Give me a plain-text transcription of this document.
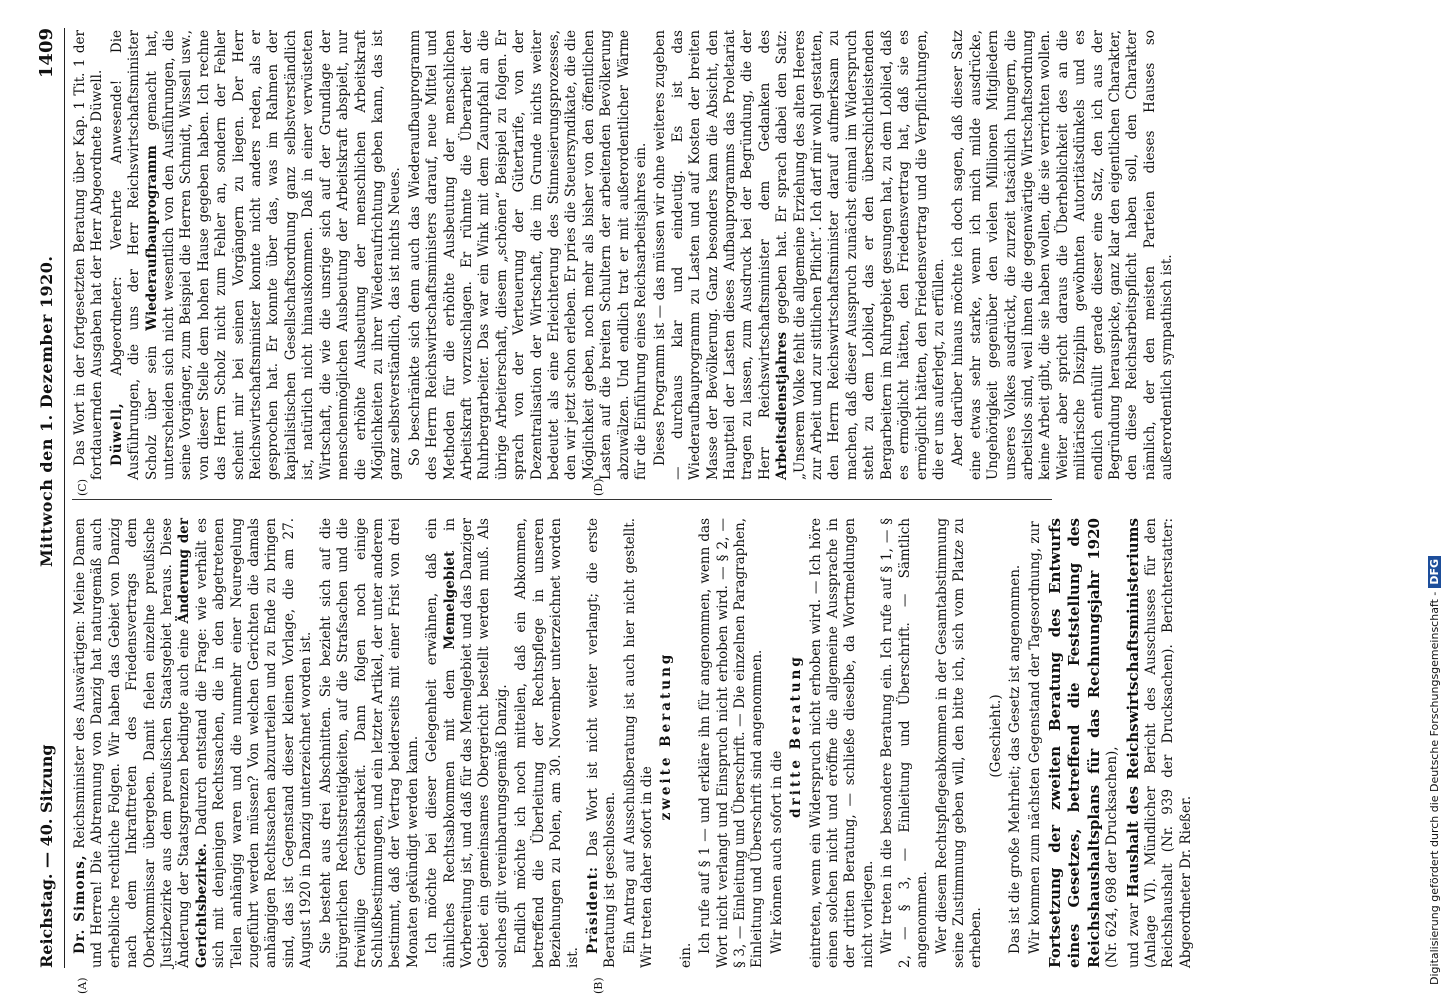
Reichstag. — 40. Sitzung
Mittwoch den 1. Dezember 1920.
1409
(A)	(B)
(C)	(D)

Dr. Simons, Reichsminister des Auswärtigen: Meine Damen und Herren! Die Abtrennung von Danzig hat naturgemäß auch erhebliche rechtliche Folgen. Wir haben das Gebiet von Danzig nach dem Inkrafttreten des Friedensvertrags dem Oberkommissar übergeben. Damit fielen einzelne preußische Justizbezirke aus dem preußischen Staatsgebiet heraus. Diese Änderung der Staatsgrenzen bedingte auch eine Änderung der Gerichtsbezirke. Dadurch entstand die Frage: wie verhält es sich mit denjenigen Rechtssachen, die in den abgetretenen Teilen anhängig waren und die nunmehr einer Neuregelung zugeführt werden müssen? Von welchen Gerichten die damals anhängigen Rechtssachen abzuurteilen und zu Ende zu bringen sind, das ist Gegenstand dieser kleinen Vorlage, die am 27. August 1920 in Danzig unterzeichnet worden ist. Sie besteht aus drei Abschnitten. Sie bezieht sich auf die bürgerlichen Rechtsstreitigkeiten, auf die Strafsachen und die freiwillige Gerichtsbarkeit. Dann folgen noch einige Schlußbestimmungen, und ein letzter Artikel, der unter anderem bestimmt, daß der Vertrag beiderseits mit einer Frist von drei Monaten gekündigt werden kann. Ich möchte bei dieser Gelegenheit erwähnen, daß ein ähnliches Rechtsabkommen mit dem Memelgebiet in Vorbereitung ist, und daß für das Memelgebiet und das Danziger Gebiet ein gemeinsames Obergericht bestellt werden muß. Als solches gilt vereinbarungsgemäß Danzig. Endlich möchte ich noch mitteilen, daß ein Abkommen, betreffend die Überleitung der Rechtspflege in unseren Beziehungen zu Polen, am 30. November unterzeichnet worden ist.

Präsident: Das Wort ist nicht weiter verlangt; die erste Beratung ist geschlossen. Ein Antrag auf Ausschußberatung ist auch hier nicht gestellt. Wir treten daher sofort in die

zweite Beratung

ein.

Ich rufe auf § 1 — und erkläre ihn für angenommen, wenn das Wort nicht verlangt und Einspruch nicht erhoben wird. — § 2, — § 3, — Einleitung und Überschrift. — Die einzelnen Paragraphen, Einleitung und Überschrift sind angenommen. Wir können auch sofort in die

dritte Beratung eintreten, wenn ein Widerspruch nicht erhoben wird. — Ich höre einen solchen nicht und eröffne die allgemeine Aussprache in der dritten Beratung, — schließe dieselbe, da Wortmeldungen nicht vorliegen. Wir treten in die besondere Beratung ein. Ich rufe auf § 1, — § 2, — § 3, — Einleitung und Überschrift. — Sämtlich angenommen. Wer diesem Rechtspflegeabkommen in der Gesamtabstimmung seine Zustimmung geben will, den bitte ich, sich vom Platze zu erheben.

(Geschieht.) Das ist die große Mehrheit; das Gesetz ist angenommen. Wir kommen zum nächsten Gegenstand der Tagesordnung, zur Fortsetzung der zweiten Beratung des Entwurfs eines Gesetzes, betreffend die Feststellung des Reichshaushaltsplans für das Rechnungsjahr 1920 (Nr. 624, 698 der Drucksachen), und zwar Haushalt des Reichswirtschaftsministeriums (Anlage VI). Mündlicher Bericht des Ausschusses für den Reichshaushalt (Nr. 939 der Drucksachen). Berichterstatter: Abgeordneter Dr. Rießer.

Das Wort in der fortgesetzten Beratung über Kap. 1 Tit. 1 der fortdauernden Ausgaben hat der Herr Abgeordnete Düwell. Düwell, Abgeordneter: Verehrte Anwesende! Die Ausführungen, die uns der Herr Reichswirtschaftsminister Scholz über sein Wiederaufbauprogramm gemacht hat, unterscheiden sich nicht wesentlich von den Ausführungen, die seine Vorgänger, zum Beispiel die Herren Schmidt, Wissell usw., von dieser Stelle dem hohen Hause gegeben haben. Ich rechne das Herrn Scholz nicht zum Fehler an, sondern der Fehler scheint mir bei seinen Vorgängern zu liegen. Der Herr Reichswirtschaftsminister konnte nicht anders reden, als er gesprochen hat. Er konnte über das, was im Rahmen der kapitalistischen Gesellschaftsordnung ganz selbstverständlich ist, natürlich nicht hinauskommen. Daß in einer verwüsteten Wirtschaft, die wie die unsrige sich auf der Grundlage der menschenmöglichen Ausbeutung der Arbeitskraft abspielt, nur die erhöhte Ausbeutung der menschlichen Arbeitskraft Möglichkeiten zu ihrer Wiederaufrichtung geben kann, das ist ganz selbstverständlich, das ist nichts Neues. So beschränkte sich denn auch das Wiederaufbauprogramm des Herrn Reichswirtschaftsministers darauf, neue Mittel und Methoden für die erhöhte Ausbeutung der menschlichen Arbeitskraft vorzuschlagen. Er rühmte die Überarbeit der Ruhrbergarbeiter. Das war ein Wink mit dem Zaunpfahl an die übrige Arbeiterschaft, diesem „schönen“ Beispiel zu folgen. Er sprach von der Verteuerung der Gütertarife, von der Dezentralisation der Wirtschaft, die im Grunde nichts weiter bedeutet als eine Erleichterung des Stinnesierungsprozesses, den wir jetzt schon erleben. Er pries die Steuersyndikate, die die Möglichkeit geben, noch mehr als bisher von den öffentlichen Lasten auf die breiten Schultern der arbeitenden Bevölkerung abzuwälzen. Und endlich trat er mit außerordentlicher Wärme für die Einführung eines Reichsarbeitsjahres ein. Dieses Programm ist — das müssen wir ohne weiteres zugeben — durchaus klar und eindeutig. Es ist das Wiederaufbauprogramm zu Lasten und auf Kosten der breiten Masse der Bevölkerung. Ganz besonders kam die Absicht, den Hauptteil der Lasten dieses Aufbauprogramms das Proletariat tragen zu lassen, zum Ausdruck bei der Begründung, die der Herr Reichswirtschaftsminister dem Gedanken des Arbeitsdienstjahres gegeben hat. Er sprach dabei den Satz: „Unserem Volke fehlt die allgemeine Erziehung des alten Heeres zur Arbeit und zur sittlichen Pflicht“. Ich darf mir wohl gestatten, den Herrn Reichswirtschaftsminister darauf aufmerksam zu machen, daß dieser Ausspruch zunächst einmal im Widerspruch steht zu dem Loblied, das er den überschichtleistenden Bergarbeitern im Ruhrgebiet gesungen hat, zu dem Loblied, daß es ermöglicht hätten, den Friedensvertrag hat, daß sie es ermöglicht hätten, den Friedensvertrag und die Verpflichtungen, die er uns auferlegt, zu erfüllen. Aber darüber hinaus möchte ich doch sagen, daß dieser Satz eine etwas sehr starke, wenn ich mich milde ausdrücke, Ungehörigkeit gegenüber den vielen Millionen Mitgliedern unseres Volkes ausdrückt, die zurzeit tatsächlich hungern, die arbeitslos sind, weil ihnen die gegenwärtige Wirtschaftsordnung keine Arbeit gibt, die sie haben wollen, die sie verrichten wollen. Weiter aber spricht daraus die Überheblichkeit des an die militärische Disziplin gewöhnten Autoritätsdünkels und es endlich enthüllt gerade dieser eine Satz, den ich aus der Begründung herauspicke, ganz klar den eigentlichen Charakter, den diese Reichsarbeitspflicht haben soll, den Charakter nämlich, der den meisten Parteien dieses Hauses so außerordentlich sympathisch ist.

Digitalisierung gefördert durch die Deutsche Forschungsgemeinschaft -DFG
